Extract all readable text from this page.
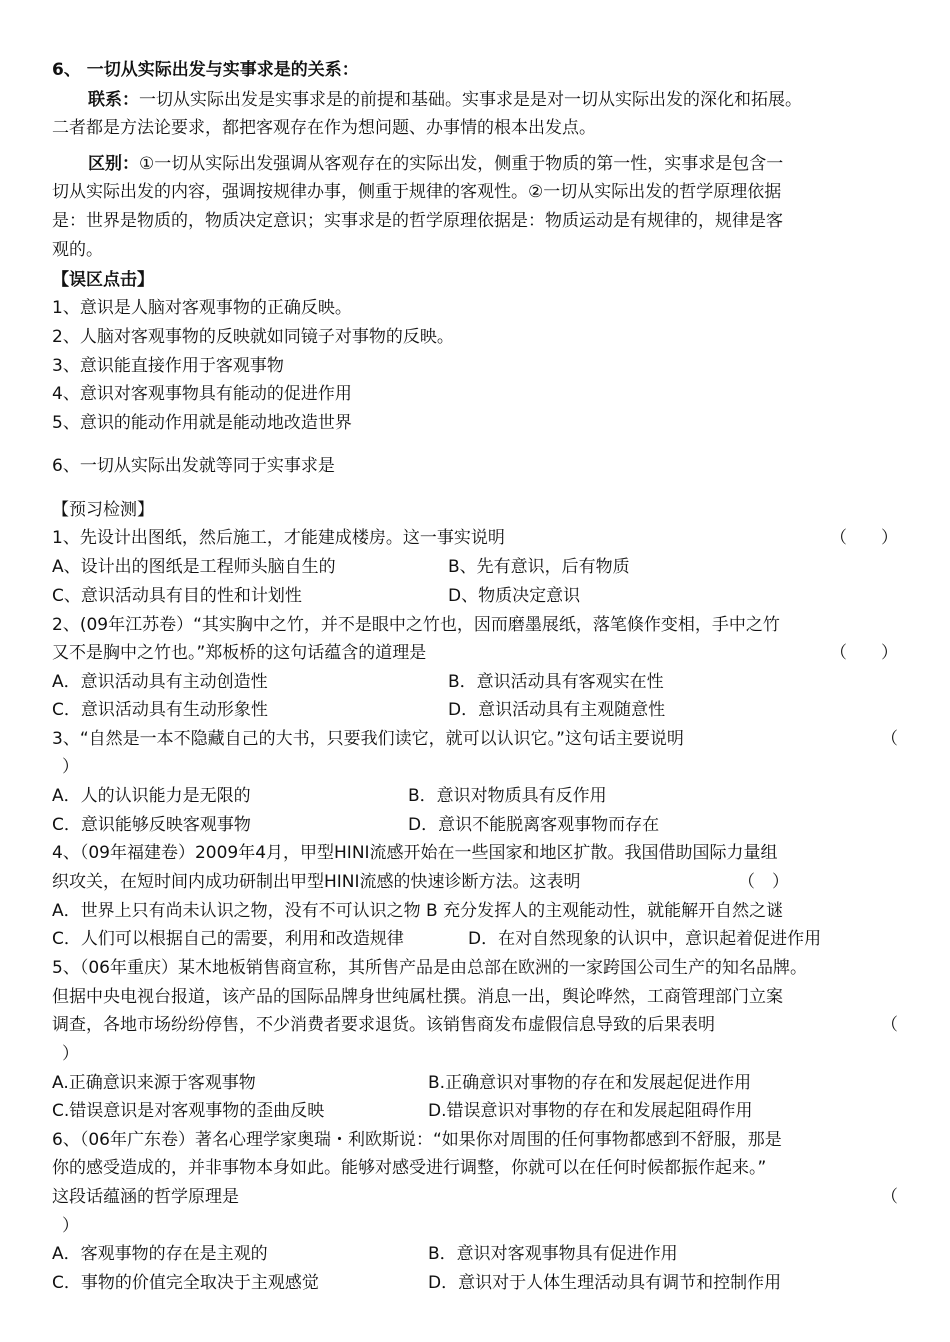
6、 一切从实际出发与实事求是的关系：
联系：一切从实际出发是实事求是的前提和基础。实事求是是对一切从实际出发的深化和拓展。
二者都是方法论要求，都把客观存在作为想问题、办事情的根本出发点。
区别：①一切从实际出发强调从客观存在的实际出发，侧重于物质的第一性，实事求是包含一
切从实际出发的内容，强调按规律办事，侧重于规律的客观性。②一切从实际出发的哲学原理依据
是：世界是物质的，物质决定意识；实事求是的哲学原理依据是：物质运动是有规律的，规律是客
观的。
【误区点击】
1、意识是人脑对客观事物的正确反映。
2、人脑对客观事物的反映就如同镜子对事物的反映。
3、意识能直接作用于客观事物
4、意识对客观事物具有能动的促进作用
5、意识的能动作用就是能动地改造世界
6、一切从实际出发就等同于实事求是
【预习检测】
1、先设计出图纸，然后施工，才能建成楼房。这一事实说明	（　　）
A、设计出的图纸是工程师头脑自生的	B、先有意识，后有物质
C、意识活动具有目的性和计划性	D、物质决定意识
2、(09年江苏卷）“其实胸中之竹，并不是眼中之竹也，因而磨墨展纸，落笔倏作变相，手中之竹
又不是胸中之竹也。”郑板桥的这句话蕴含的道理是	（　　）
A．意识活动具有主动创造性	B．意识活动具有客观实在性
C．意识活动具有生动形象性	D．意识活动具有主观随意性
3、“自然是一本不隐藏自己的大书，只要我们读它，就可以认识它。”这句话主要说明	（
）
A．人的认识能力是无限的	B．意识对物质具有反作用
C．意识能够反映客观事物	D．意识不能脱离客观事物而存在
4、（09年福建卷）2009年4月，甲型HINI流感开始在一些国家和地区扩散。我国借助国际力量组
织攻关，在短时间内成功研制出甲型HINI流感的快速诊断方法。这表明	（　）
A．世界上只有尚未认识之物，没有不可认识之物 B 充分发挥人的主观能动性，就能解开自然之谜
C．人们可以根据自己的需要，利用和改造规律	D．在对自然现象的认识中，意识起着促进作用
5、（06年重庆）某木地板销售商宣称，其所售产品是由总部在欧洲的一家跨国公司生产的知名品牌。
但据中央电视台报道，该产品的国际品牌身世纯属杜撰。消息一出，舆论哗然，工商管理部门立案
调查，各地市场纷纷停售，不少消费者要求退货。该销售商发布虚假信息导致的后果表明	（
）
A.正确意识来源于客观事物	B.正确意识对事物的存在和发展起促进作用
C.错误意识是对客观事物的歪曲反映	D.错误意识对事物的存在和发展起阻碍作用
6、（06年广东卷）著名心理学家奥瑞・利欧斯说：“如果你对周围的任何事物都感到不舒服，那是
你的感受造成的，并非事物本身如此。能够对感受进行调整，你就可以在任何时候都振作起来。”
这段话蕴涵的哲学原理是	（
）
A．客观事物的存在是主观的	B．意识对客观事物具有促进作用
C．事物的价值完全取决于主观感觉	D．意识对于人体生理活动具有调节和控制作用
